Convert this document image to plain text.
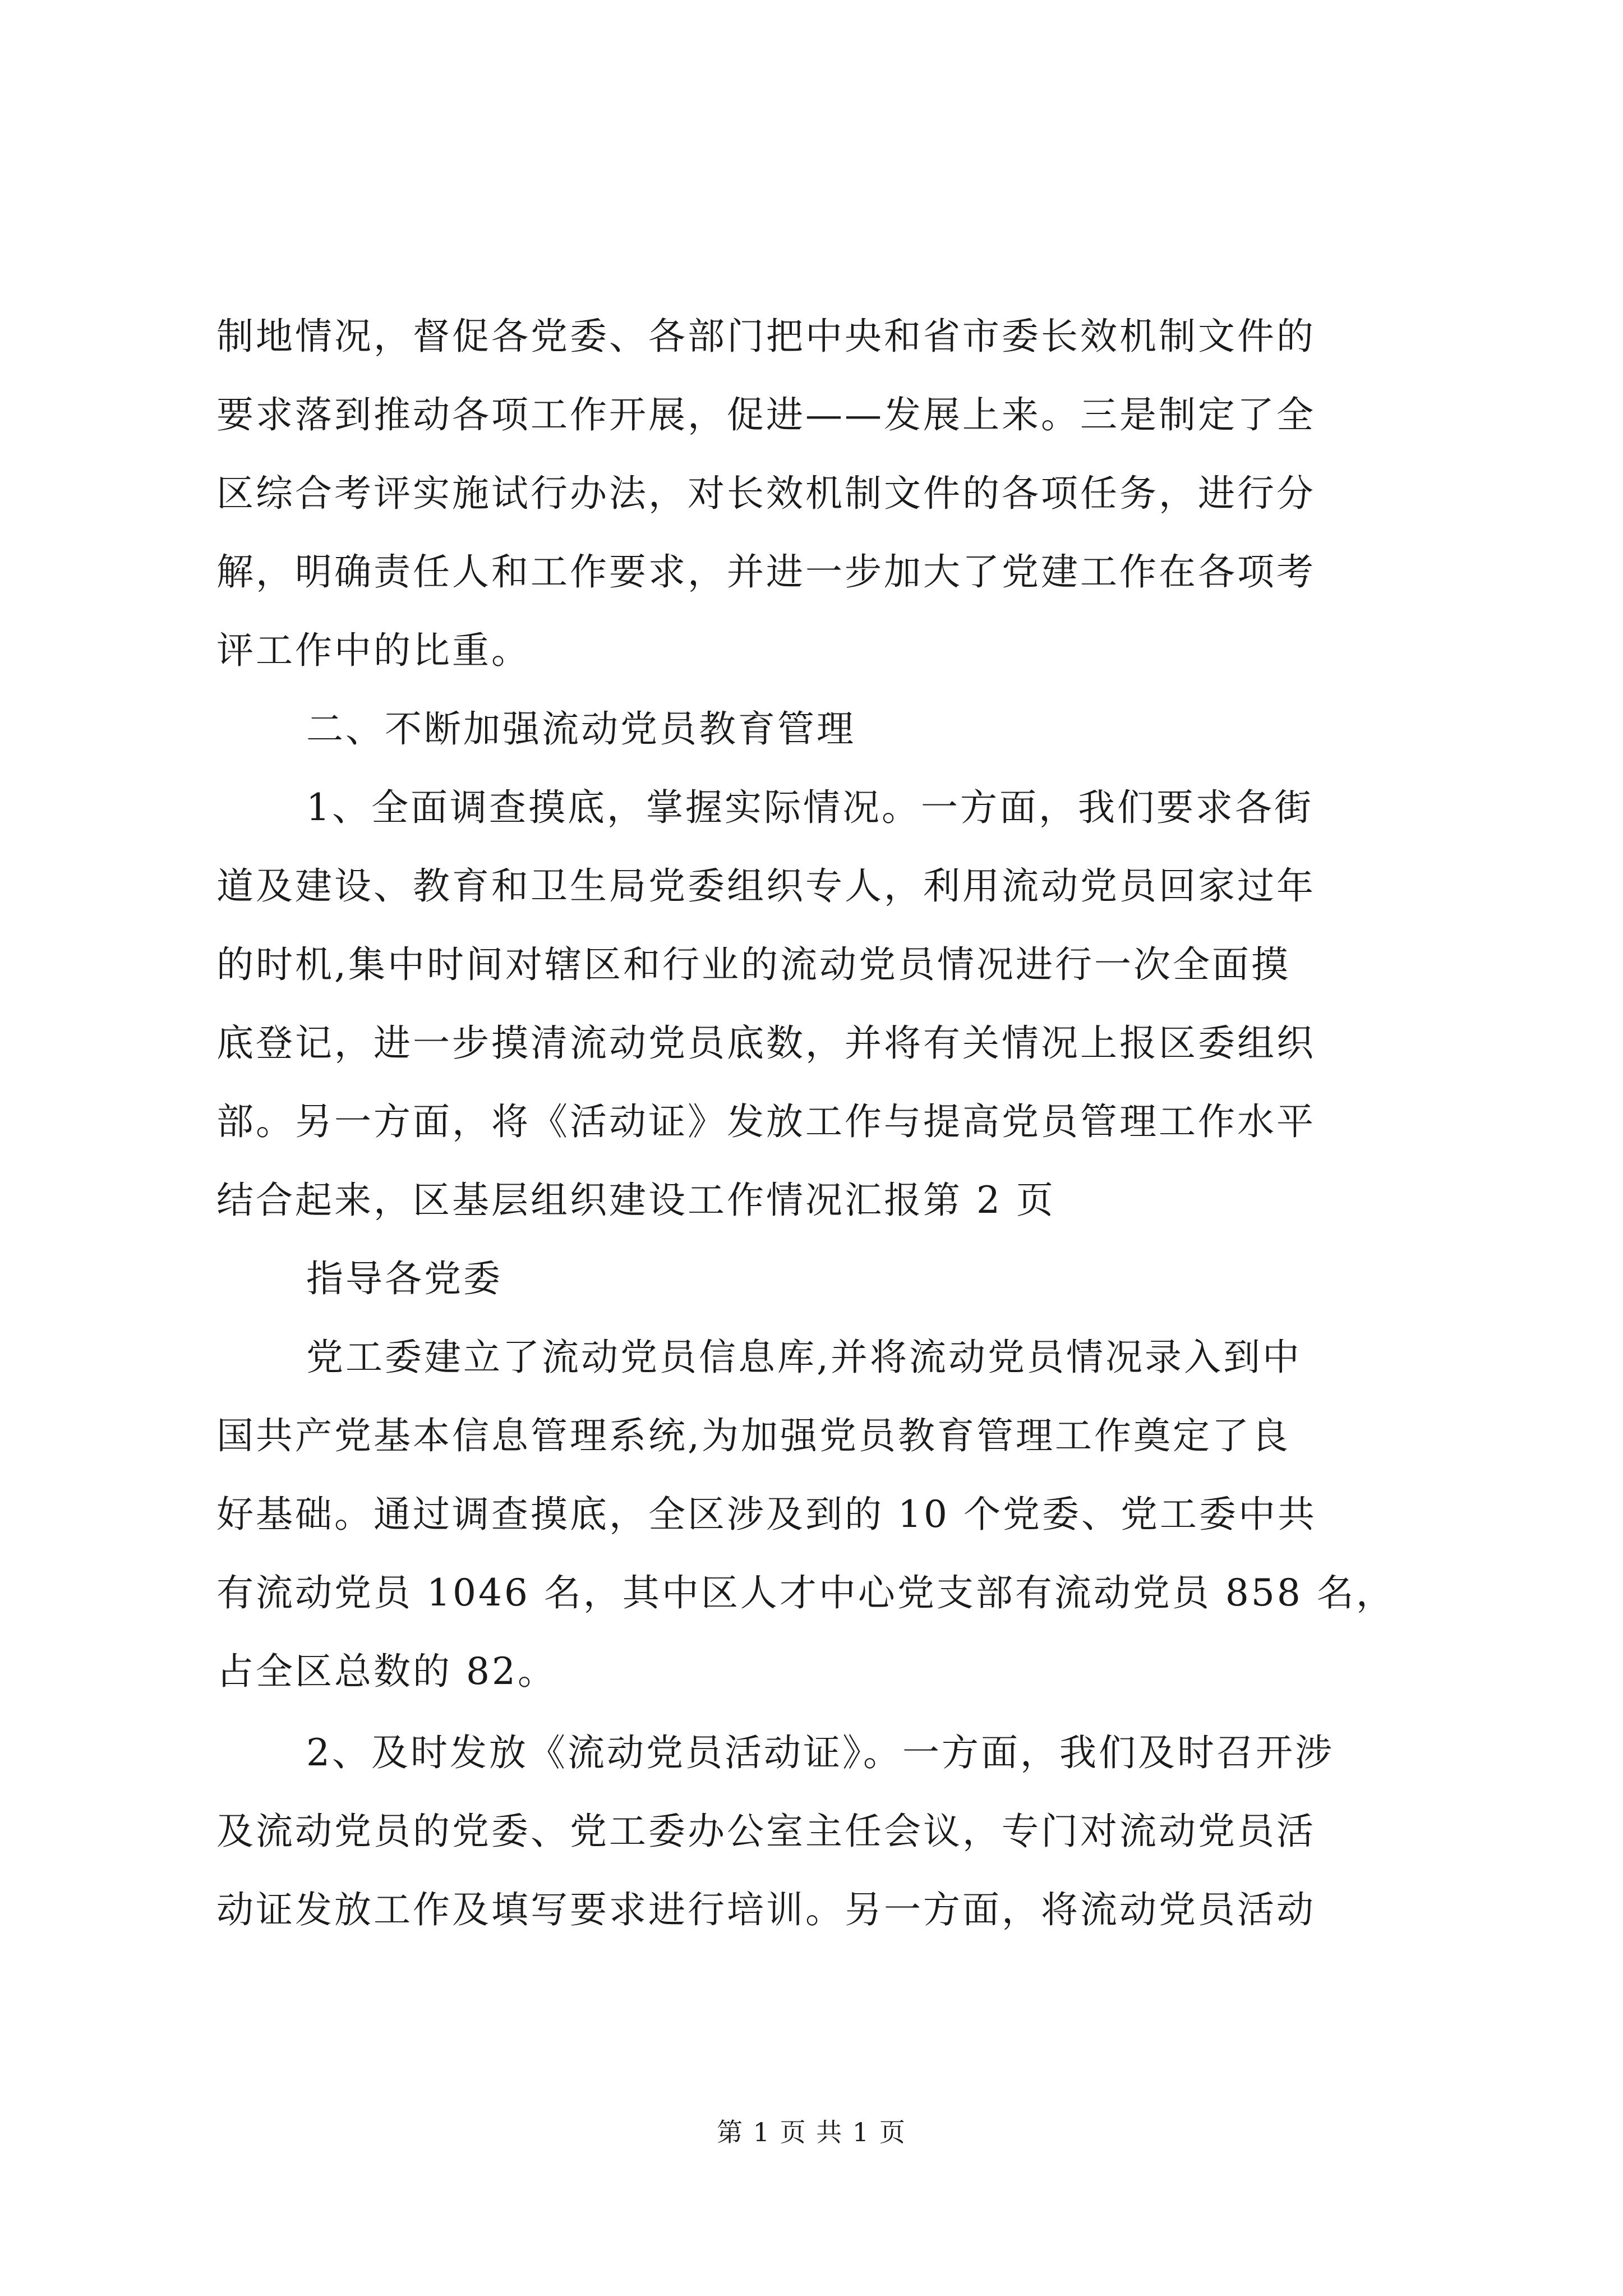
制地情况，督促各党委、各部门把中央和省市委长效机制文件的
要求落到推动各项工作开展，促进——发展上来。三是制定了全
区综合考评实施试行办法，对长效机制文件的各项任务，进行分
解，明确责任人和工作要求，并进一步加大了党建工作在各项考
评工作中的比重。
二、不断加强流动党员教育管理
1、全面调查摸底，掌握实际情况。一方面，我们要求各街
道及建设、教育和卫生局党委组织专人，利用流动党员回家过年
的时机,集中时间对辖区和行业的流动党员情况进行一次全面摸
底登记，进一步摸清流动党员底数，并将有关情况上报区委组织
部。另一方面，将《活动证》发放工作与提高党员管理工作水平
结合起来，区基层组织建设工作情况汇报第 2 页
指导各党委
党工委建立了流动党员信息库,并将流动党员情况录入到中
国共产党基本信息管理系统,为加强党员教育管理工作奠定了良
好基础。通过调查摸底，全区涉及到的 10 个党委、党工委中共
有流动党员 1046 名，其中区人才中心党支部有流动党员 858 名，
占全区总数的 82。
2、及时发放《流动党员活动证》。一方面，我们及时召开涉
及流动党员的党委、党工委办公室主任会议，专门对流动党员活
动证发放工作及填写要求进行培训。另一方面，将流动党员活动
第 1 页 共 1 页
